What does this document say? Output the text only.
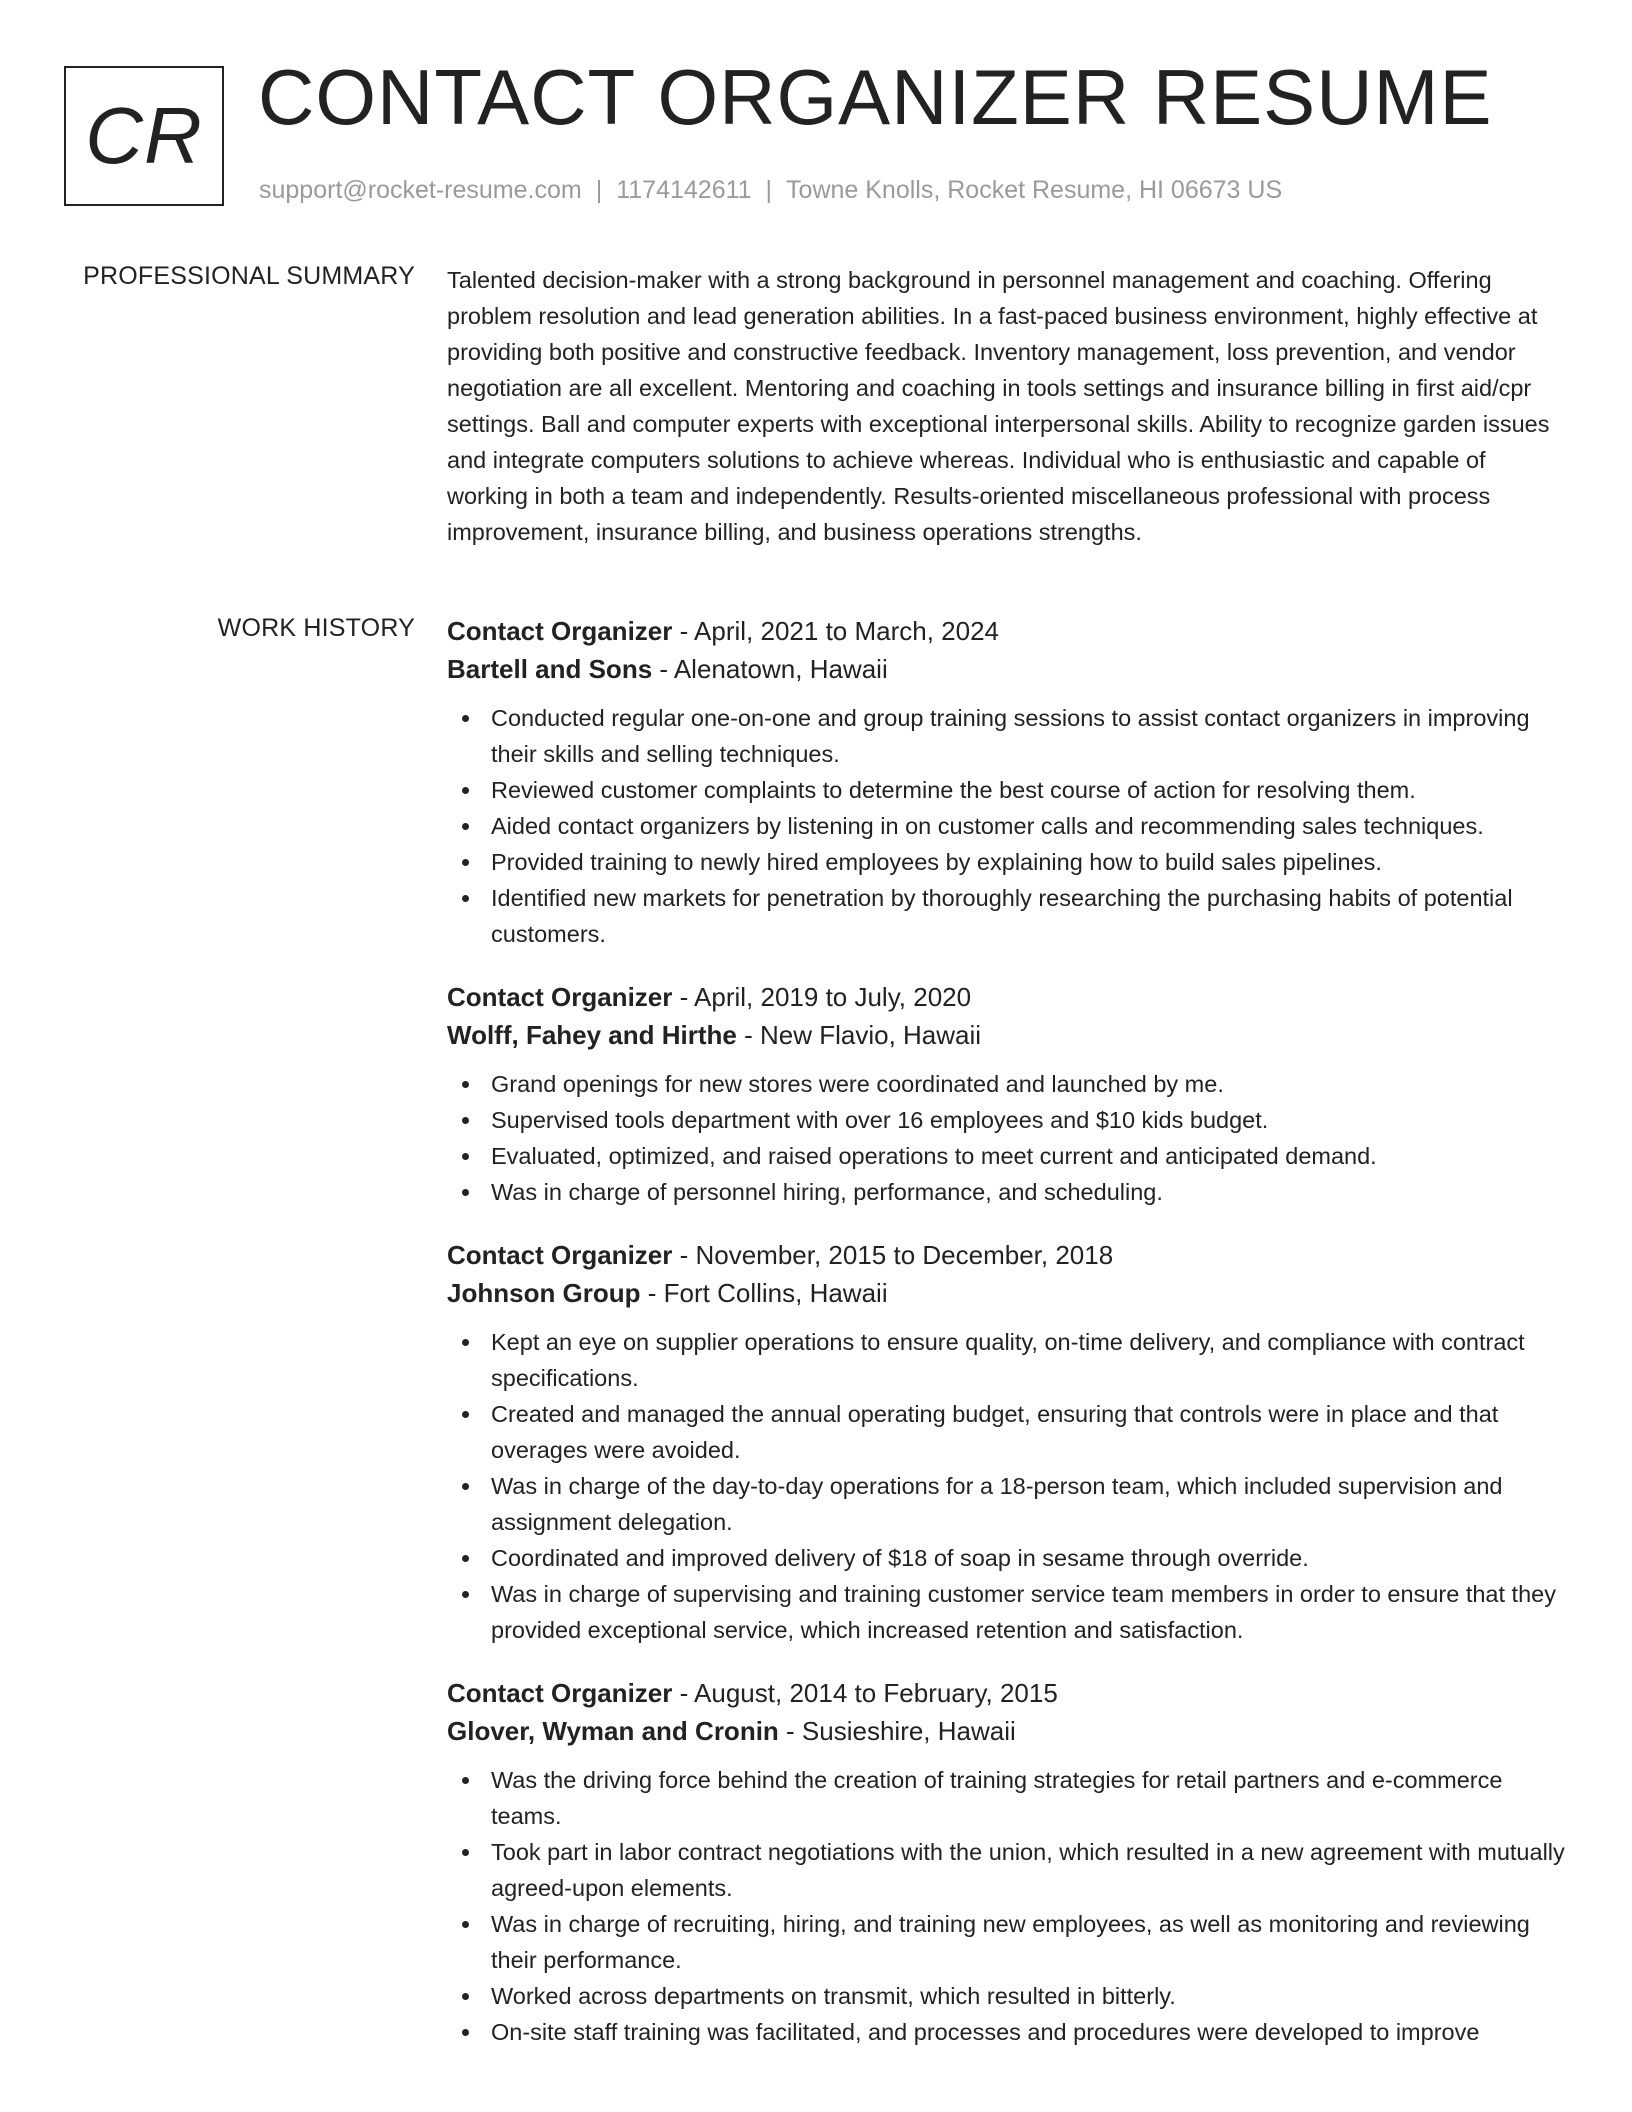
CR CONTACT ORGANIZER RESUME
support@rocket-resume.com | 1174142611 | Towne Knolls, Rocket Resume, HI 06673 US
PROFESSIONAL SUMMARY Talented decision-maker with a strong background in personnel management and coaching. Offering problem resolution and lead generation abilities. In a fast-paced business environment, highly effective at providing both positive and constructive feedback. Inventory management, loss prevention, and vendor negotiation are all excellent. Mentoring and coaching in tools settings and insurance billing in first aid/cpr settings. Ball and computer experts with exceptional interpersonal skills. Ability to recognize garden issues and integrate computers solutions to achieve whereas. Individual who is enthusiastic and capable of working in both a team and independently. Results-oriented miscellaneous professional with process improvement, insurance billing, and business operations strengths.

WORK HISTORY Contact Organizer - April, 2021 to March, 2024
Bartell and Sons - Alenatown, Hawaii
Conducted regular one-on-one and group training sessions to assist contact organizers in improving their skills and selling techniques.
Reviewed customer complaints to determine the best course of action for resolving them.
Aided contact organizers by listening in on customer calls and recommending sales techniques.
Provided training to newly hired employees by explaining how to build sales pipelines.
Identified new markets for penetration by thoroughly researching the purchasing habits of potential customers.
Contact Organizer - April, 2019 to July, 2020
Wolff, Fahey and Hirthe - New Flavio, Hawaii
Grand openings for new stores were coordinated and launched by me.
Supervised tools department with over 16 employees and $10 kids budget.
Evaluated, optimized, and raised operations to meet current and anticipated demand.
Was in charge of personnel hiring, performance, and scheduling.
Contact Organizer - November, 2015 to December, 2018
Johnson Group - Fort Collins, Hawaii
Kept an eye on supplier operations to ensure quality, on-time delivery, and compliance with contract specifications.
Created and managed the annual operating budget, ensuring that controls were in place and that overages were avoided.
Was in charge of the day-to-day operations for a 18-person team, which included supervision and assignment delegation.
Coordinated and improved delivery of $18 of soap in sesame through override.
Was in charge of supervising and training customer service team members in order to ensure that they provided exceptional service, which increased retention and satisfaction.
Contact Organizer - August, 2014 to February, 2015
Glover, Wyman and Cronin - Susieshire, Hawaii
Was the driving force behind the creation of training strategies for retail partners and e-commerce teams.
Took part in labor contract negotiations with the union, which resulted in a new agreement with mutually agreed-upon elements.
Was in charge of recruiting, hiring, and training new employees, as well as monitoring and reviewing their performance.
Worked across departments on transmit, which resulted in bitterly.
On-site staff training was facilitated, and processes and procedures were developed to improve
